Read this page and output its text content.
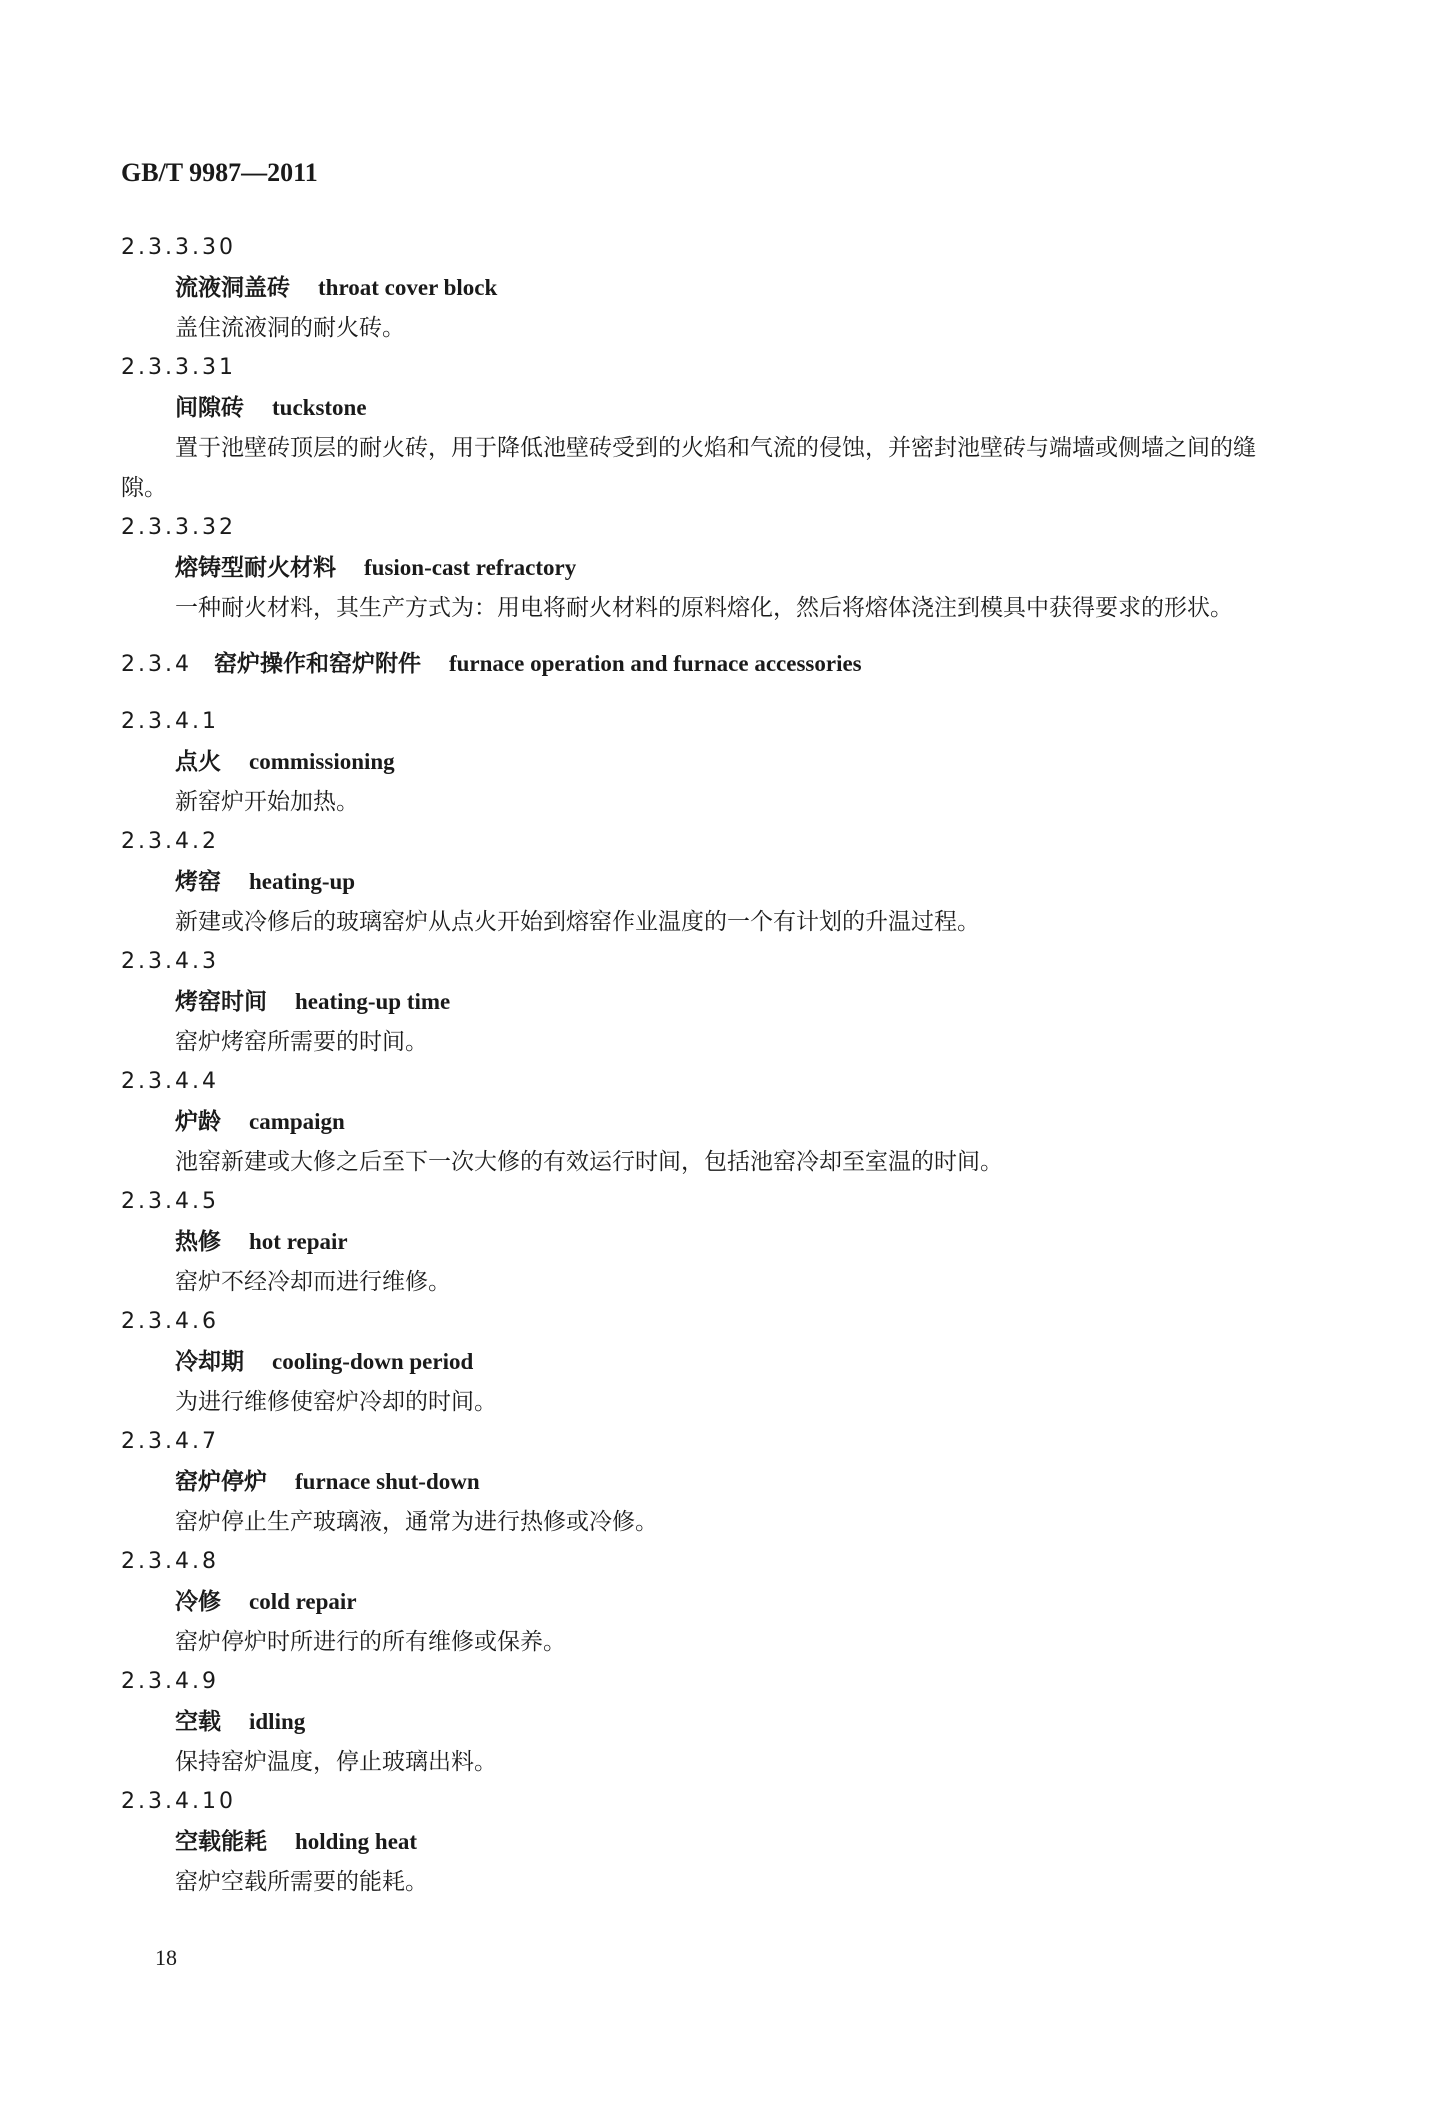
GB/T 9987—2011
2.3.3.30
流液洞盖砖 throat cover block
盖住流液洞的耐火砖。
2.3.3.31
间隙砖 tuckstone
置于池壁砖顶层的耐火砖，用于降低池壁砖受到的火焰和气流的侵蚀，并密封池壁砖与端墙或侧墙之间的缝隙。
2.3.3.32
熔铸型耐火材料 fusion-cast refractory
一种耐火材料，其生产方式为：用电将耐火材料的原料熔化，然后将熔体浇注到模具中获得要求的形状。
2.3.4 窑炉操作和窑炉附件 furnace operation and furnace accessories
2.3.4.1
点火 commissioning
新窑炉开始加热。
2.3.4.2
烤窑 heating-up
新建或冷修后的玻璃窑炉从点火开始到熔窑作业温度的一个有计划的升温过程。
2.3.4.3
烤窑时间 heating-up time
窑炉烤窑所需要的时间。
2.3.4.4
炉龄 campaign
池窑新建或大修之后至下一次大修的有效运行时间，包括池窑冷却至室温的时间。
2.3.4.5
热修 hot repair
窑炉不经冷却而进行维修。
2.3.4.6
冷却期 cooling-down period
为进行维修使窑炉冷却的时间。
2.3.4.7
窑炉停炉 furnace shut-down
窑炉停止生产玻璃液，通常为进行热修或冷修。
2.3.4.8
冷修 cold repair
窑炉停炉时所进行的所有维修或保养。
2.3.4.9
空载 idling
保持窑炉温度，停止玻璃出料。
2.3.4.10
空载能耗 holding heat
窑炉空载所需要的能耗。
18
